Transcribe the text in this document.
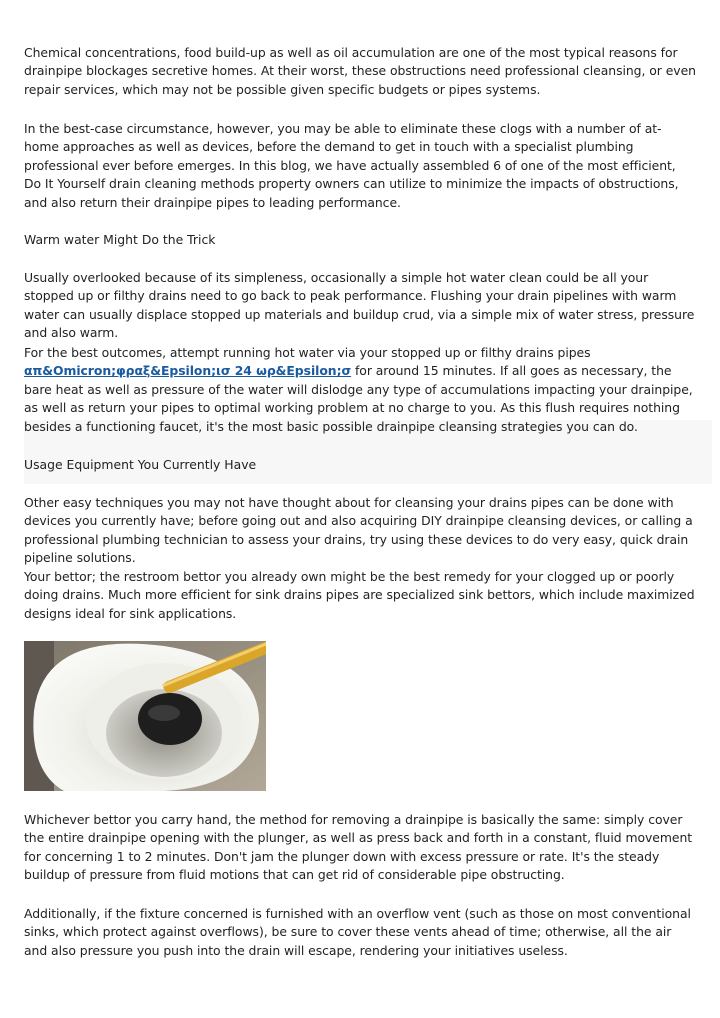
Chemical concentrations, food build-up as well as oil accumulation are one of the most typical reasons for drainpipe blockages secretive homes. At their worst, these obstructions need professional cleansing, or even repair services, which may not be possible given specific budgets or pipes systems.

In the best-case circumstance, however, you may be able to eliminate these clogs with a number of at-home approaches as well as devices, before the demand to get in touch with a specialist plumbing professional ever before emerges. In this blog, we have actually assembled 6 of one of the most efficient, Do It Yourself drain cleaning methods property owners can utilize to minimize the impacts of obstructions, and also return their drainpipe pipes to leading performance.

Warm water Might Do the Trick

Usually overlooked because of its simpleness, occasionally a simple hot water clean could be all your stopped up or filthy drains need to go back to peak performance. Flushing your drain pipelines with warm water can usually displace stopped up materials and buildup crud, via a simple mix of water stress, pressure and also warm.

For the best outcomes, attempt running hot water via your stopped up or filthy drains pipes απ&Omicron;φραξ&Epsilon;ισ 24 ωρ&Epsilon;σ for around 15 minutes. If all goes as necessary, the bare heat as well as pressure of the water will dislodge any type of accumulations impacting your drainpipe, as well as return your pipes to optimal working problem at no charge to you. As this flush requires nothing besides a functioning faucet, it's the most basic possible drainpipe cleansing strategies you can do.

Usage Equipment You Currently Have

Other easy techniques you may not have thought about for cleansing your drains pipes can be done with devices you currently have; before going out and also acquiring DIY drainpipe cleansing devices, or calling a professional plumbing technician to assess your drains, try using these devices to do very easy, quick drain pipeline solutions.

Your bettor; the restroom bettor you already own might be the best remedy for your clogged up or poorly doing drains. Much more efficient for sink drains pipes are specialized sink bettors, which include maximized designs ideal for sink applications.

Whichever bettor you carry hand, the method for removing a drainpipe is basically the same: simply cover the entire drainpipe opening with the plunger, as well as press back and forth in a constant, fluid movement for concerning 1 to 2 minutes. Don't jam the plunger down with excess pressure or rate. It's the steady buildup of pressure from fluid motions that can get rid of considerable pipe obstructing.

Additionally, if the fixture concerned is furnished with an overflow vent (such as those on most conventional sinks, which protect against overflows), be sure to cover these vents ahead of time; otherwise, all the air and also pressure you push into the drain will escape, rendering your initiatives useless.
